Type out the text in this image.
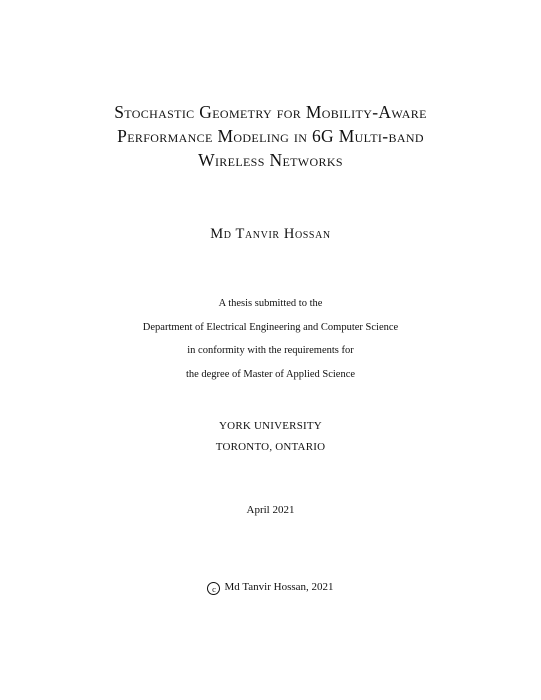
Stochastic Geometry for Mobility-Aware
Performance Modeling in 6G Multi-band
Wireless Networks
Md Tanvir Hossan
A thesis submitted to the
Department of Electrical Engineering and Computer Science
in conformity with the requirements for
the degree of Master of Applied Science
YORK UNIVERSITY
TORONTO, ONTARIO
April 2021
c Md Tanvir Hossan, 2021
